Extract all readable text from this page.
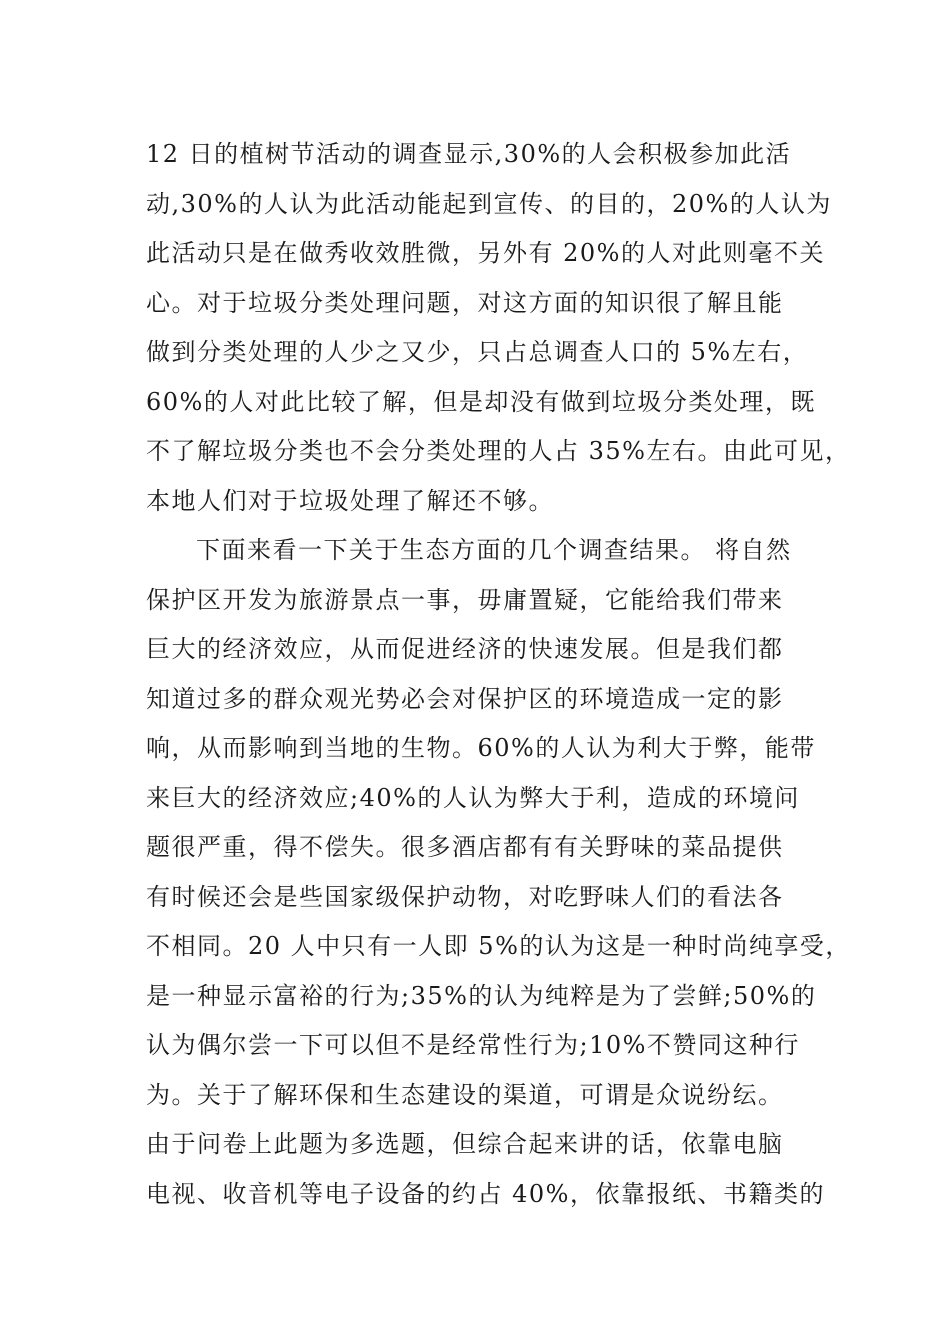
12 日的植树节活动的调查显示,30%的人会积极参加此活
动,30%的人认为此活动能起到宣传、的目的，20%的人认为
此活动只是在做秀收效胜微，另外有 20%的人对此则毫不关
心。对于垃圾分类处理问题，对这方面的知识很了解且能
做到分类处理的人少之又少，只占总调查人口的 5%左右，
60%的人对此比较了解，但是却没有做到垃圾分类处理，既
不了解垃圾分类也不会分类处理的人占 35%左右。由此可见，
本地人们对于垃圾处理了解还不够。
下面来看一下关于生态方面的几个调查结果。 将自然
保护区开发为旅游景点一事，毋庸置疑，它能给我们带来
巨大的经济效应，从而促进经济的快速发展。但是我们都
知道过多的群众观光势必会对保护区的环境造成一定的影
响，从而影响到当地的生物。60%的人认为利大于弊，能带
来巨大的经济效应;40%的人认为弊大于利，造成的环境问
题很严重，得不偿失。很多酒店都有有关野味的菜品提供
有时候还会是些国家级保护动物，对吃野味人们的看法各
不相同。20 人中只有一人即 5%的认为这是一种时尚纯享受，
是一种显示富裕的行为;35%的认为纯粹是为了尝鲜;50%的
认为偶尔尝一下可以但不是经常性行为;10%不赞同这种行
为。关于了解环保和生态建设的渠道，可谓是众说纷纭。
由于问卷上此题为多选题，但综合起来讲的话，依靠电脑
电视、收音机等电子设备的约占 40%，依靠报纸、书籍类的
